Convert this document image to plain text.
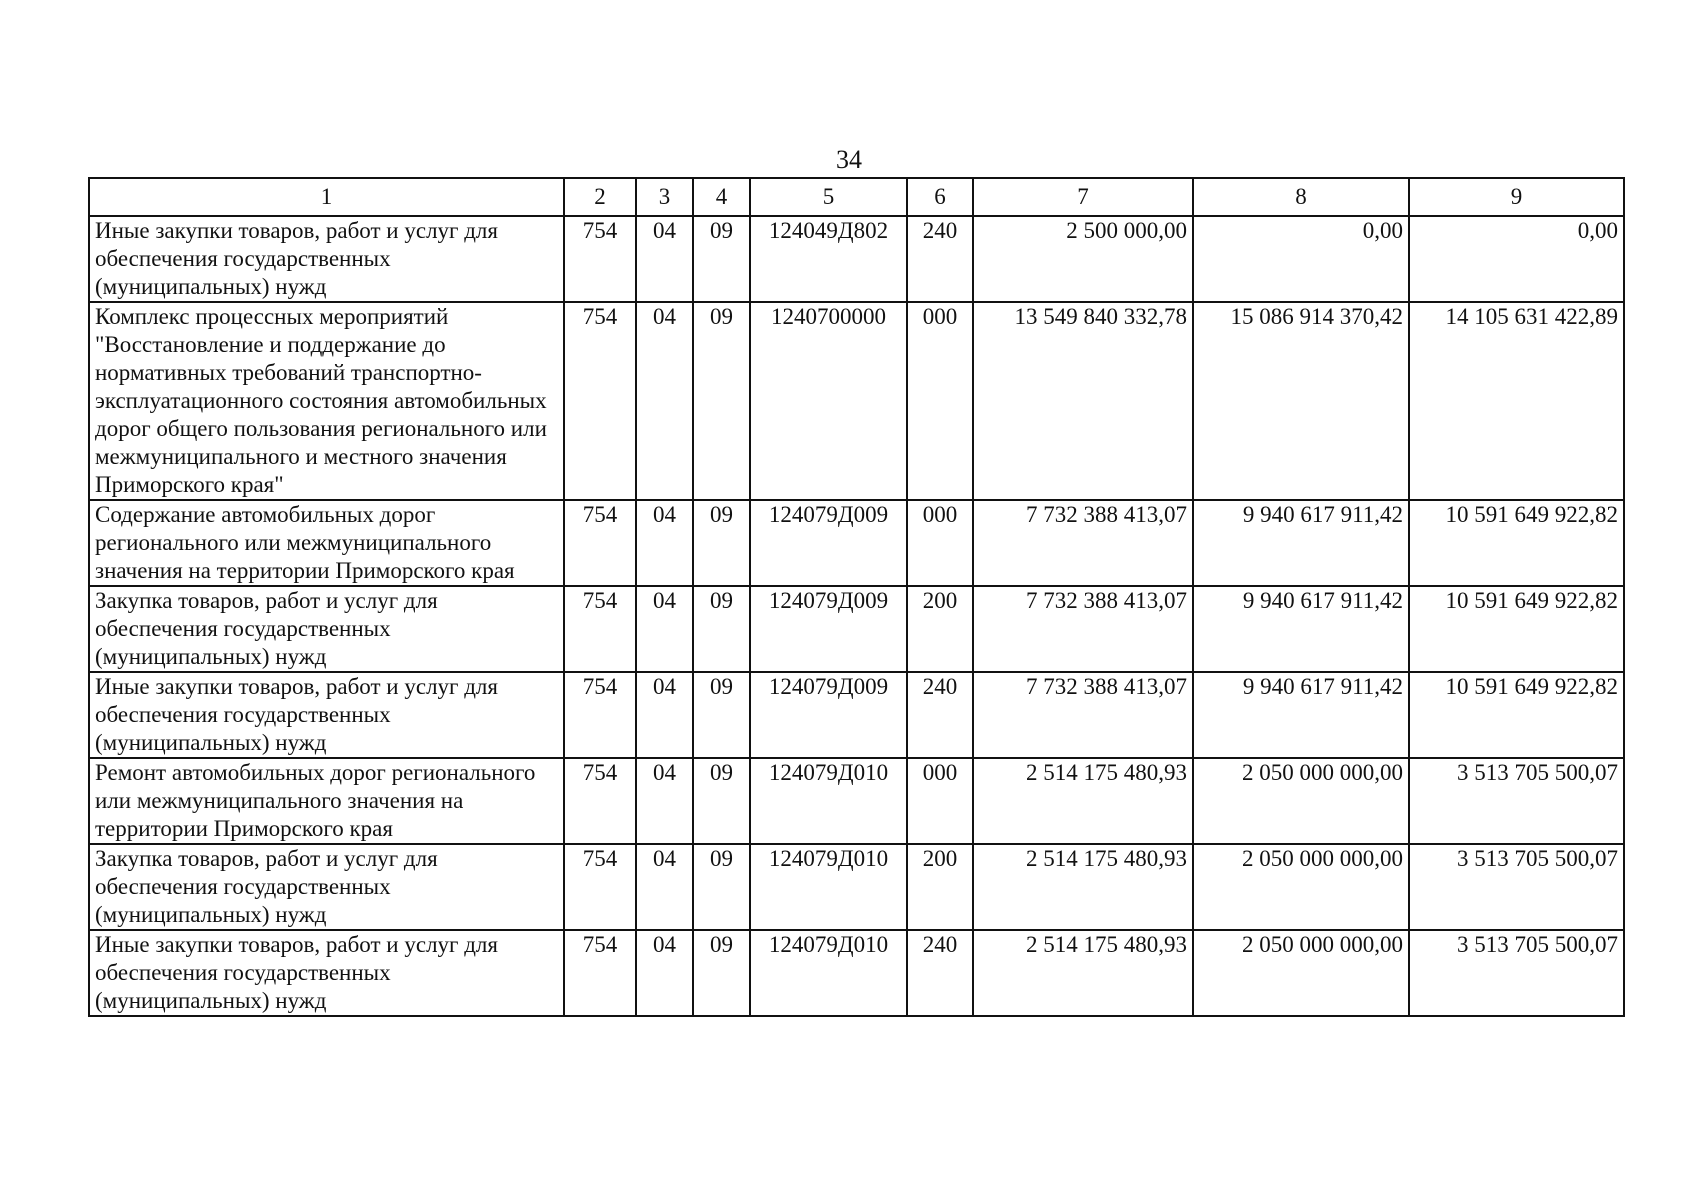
34
1	2	3	4	5	6	7	8	9
Иные закупки товаров, работ и услуг для обеспечения государственных (муниципальных) нужд	754	04	09	124049Д802	240	2 500 000,00	0,00	0,00
Комплекс процессных мероприятий "Восстановление и поддержание до нормативных требований транспортно-эксплуатационного состояния автомобильных дорог общего пользования регионального или межмуниципального и местного значения Приморского края"	754	04	09	1240700000	000	13 549 840 332,78	15 086 914 370,42	14 105 631 422,89
Содержание автомобильных дорог регионального или межмуниципального значения на территории Приморского края	754	04	09	124079Д009	000	7 732 388 413,07	9 940 617 911,42	10 591 649 922,82
Закупка товаров, работ и услуг для обеспечения государственных (муниципальных) нужд	754	04	09	124079Д009	200	7 732 388 413,07	9 940 617 911,42	10 591 649 922,82
Иные закупки товаров, работ и услуг для обеспечения государственных (муниципальных) нужд	754	04	09	124079Д009	240	7 732 388 413,07	9 940 617 911,42	10 591 649 922,82
Ремонт автомобильных дорог регионального или межмуниципального значения на территории Приморского края	754	04	09	124079Д010	000	2 514 175 480,93	2 050 000 000,00	3 513 705 500,07
Закупка товаров, работ и услуг для обеспечения государственных (муниципальных) нужд	754	04	09	124079Д010	200	2 514 175 480,93	2 050 000 000,00	3 513 705 500,07
Иные закупки товаров, работ и услуг для обеспечения государственных (муниципальных) нужд	754	04	09	124079Д010	240	2 514 175 480,93	2 050 000 000,00	3 513 705 500,07
